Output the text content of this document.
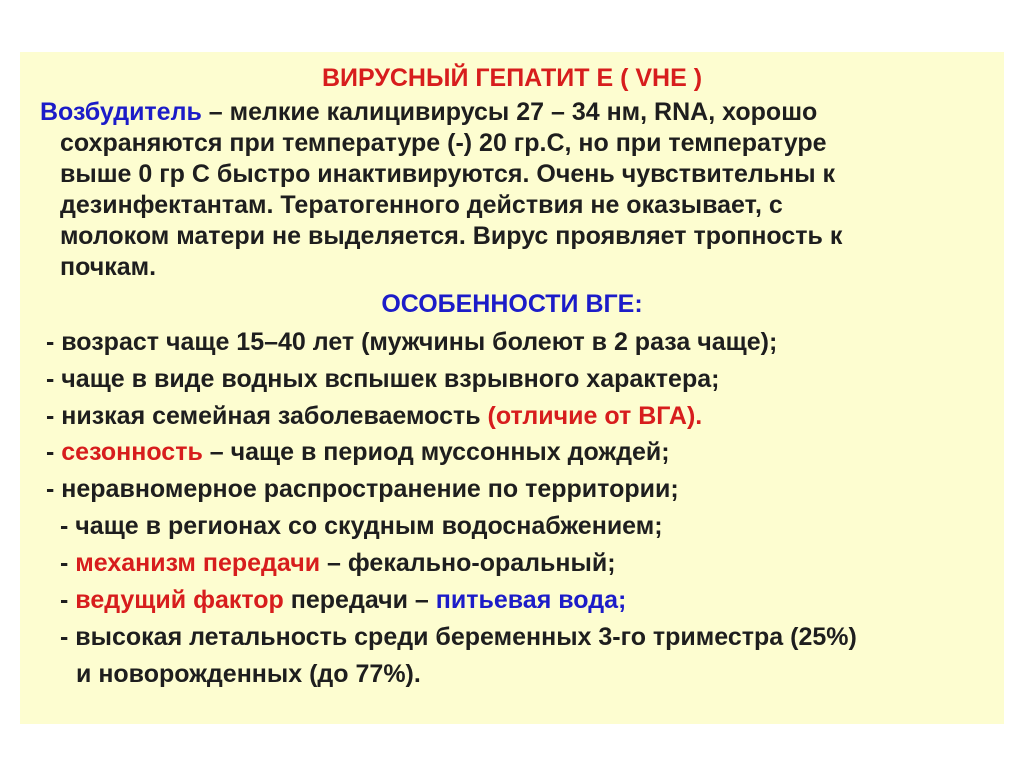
ВИРУСНЫЙ ГЕПАТИТ Е ( VHE )
Возбудитель – мелкие калицивирусы 27 – 34 нм, RNA, хорошо
сохраняются при температуре (-) 20 гр.С, но при температуре
выше 0 гр С быстро инактивируются. Очень чувствительны к
дезинфектантам. Тератогенного действия не оказывает, с
молоком матери не выделяется. Вирус проявляет тропность к
почкам.
ОСОБЕННОСТИ ВГЕ:
- возраст чаще 15–40 лет (мужчины болеют в 2 раза чаще);
- чаще в виде водных вспышек взрывного характера;
- низкая семейная заболеваемость (отличие от ВГА).
- сезонность – чаще в период муссонных дождей;
- неравномерное распространение по территории;
- чаще в регионах со скудным водоснабжением;
- механизм передачи – фекально-оральный;
- ведущий фактор передачи – питьевая вода;
- высокая летальность среди беременных 3-го триместра (25%)
и новорожденных (до 77%).
